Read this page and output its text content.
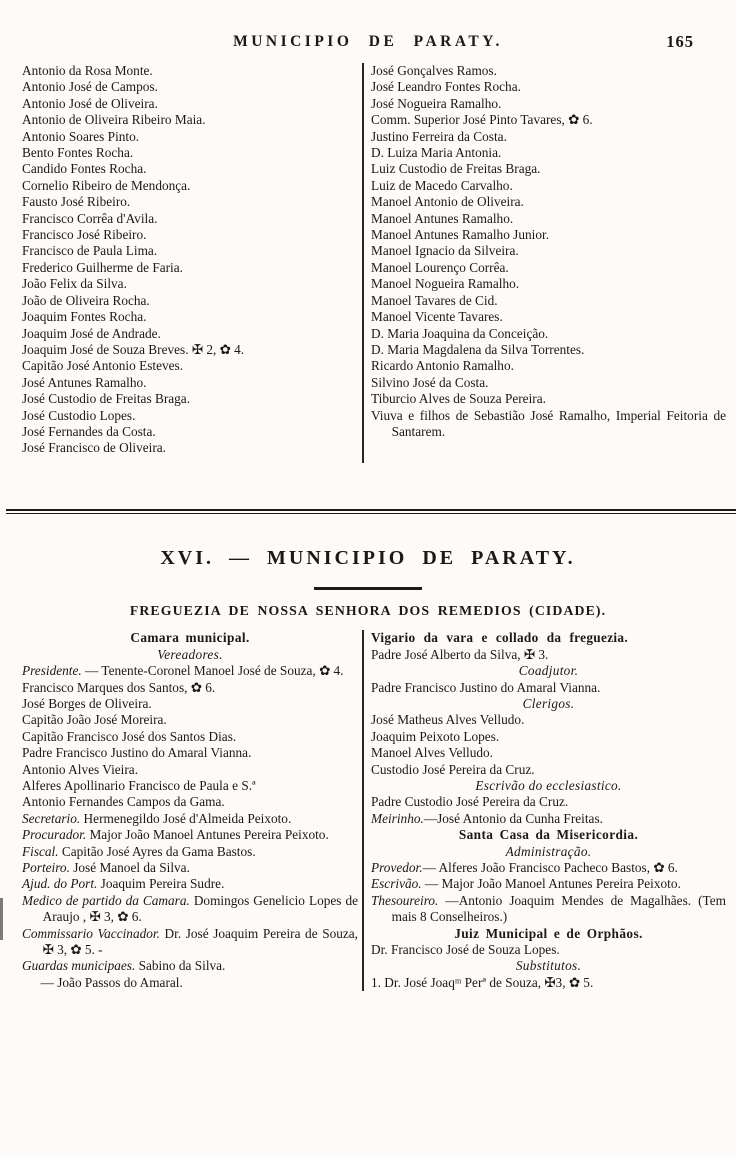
MUNICIPIO DE PARATY.	165
Antonio da Rosa Monte.
Antonio José de Campos.
Antonio José de Oliveira.
Antonio de Oliveira Ribeiro Maia.
Antonio Soares Pinto.
Bento Fontes Rocha.
Candido Fontes Rocha.
Cornelio Ribeiro de Mendonça.
Fausto José Ribeiro.
Francisco Corrêa d'Avila.
Francisco José Ribeiro.
Francisco de Paula Lima.
Frederico Guilherme de Faria.
João Felix da Silva.
João de Oliveira Rocha.
Joaquim Fontes Rocha.
Joaquim José de Andrade.
Joaquim José de Souza Breves. ✠ 2, ✿ 4.
Capitão José Antonio Esteves.
José Antunes Ramalho.
José Custodio de Freitas Braga.
José Custodio Lopes.
José Fernandes da Costa.
José Francisco de Oliveira.
José Gonçalves Ramos.
José Leandro Fontes Rocha.
José Nogueira Ramalho.
Comm. Superior José Pinto Tavares, ✿ 6.
Justino Ferreira da Costa.
D. Luiza Maria Antonia.
Luiz Custodio de Freitas Braga.
Luiz de Macedo Carvalho.
Manoel Antonio de Oliveira.
Manoel Antunes Ramalho.
Manoel Antunes Ramalho Junior.
Manoel Ignacio da Silveira.
Manoel Lourenço Corrêa.
Manoel Nogueira Ramalho.
Manoel Tavares de Cid.
Manoel Vicente Tavares.
D. Maria Joaquina da Conceição.
D. Maria Magdalena da Silva Torrentes.
Ricardo Antonio Ramalho.
Silvino José da Costa.
Tiburcio Alves de Souza Pereira.
Viuva e filhos de Sebastião José Ramalho, Imperial Feitoria de Santarem.
XVI. — MUNICIPIO DE PARATY.
FREGUEZIA DE NOSSA SENHORA DOS REMEDIOS (CIDADE).
Camara municipal.
Vereadores.
Presidente. — Tenente-Coronel Manoel José de Souza, ✿ 4.
Francisco Marques dos Santos, ✿ 6.
José Borges de Oliveira.
Capitão João José Moreira.
Capitão Francisco José dos Santos Dias.
Padre Francisco Justino do Amaral Vianna.
Antonio Alves Vieira.
Alferes Apollinario Francisco de Paula e S.ª
Antonio Fernandes Campos da Gama.
Secretario. Hermenegildo José d'Almeida Peixoto.
Procurador. Major João Manoel Antunes Pereira Peixoto.
Fiscal. Capitão José Ayres da Gama Bastos.
Porteiro. José Manoel da Silva.
Ajud. do Port. Joaquim Pereira Sudre.
Medico de partido da Camara. Domingos Genelicio Lopes de Araujo , ✠ 3, ✿ 6.
Commissario Vaccinador. Dr. José Joaquim Pereira de Souza, ✠ 3, ✿ 5. -
Guardas municipaes. Sabino da Silva.
— João Passos do Amaral.
Vigario da vara e collado da freguezia.
Padre José Alberto da Silva, ✠ 3.
Coadjutor.
Padre Francisco Justino do Amaral Vianna.
Clerigos.
José Matheus Alves Velludo.
Joaquim Peixoto Lopes.
Manoel Alves Velludo.
Custodio José Pereira da Cruz.
Escrivão do ecclesiastico.
Padre Custodio José Pereira da Cruz.
Meirinho.—José Antonio da Cunha Freitas.
Santa Casa da Misericordia.
Administração.
Provedor.— Alferes João Francisco Pacheco Bastos, ✿ 6.
Escrivão. — Major João Manoel Antunes Pereira Peixoto.
Thesoureiro. —Antonio Joaquim Mendes de Magalhães. (Tem mais 8 Conselheiros.)
Juiz Municipal e de Orphãos.
Dr. Francisco José de Souza Lopes.
Substitutos.
1. Dr. José Joaqᵐ Perª de Souza, ✠3, ✿ 5.
